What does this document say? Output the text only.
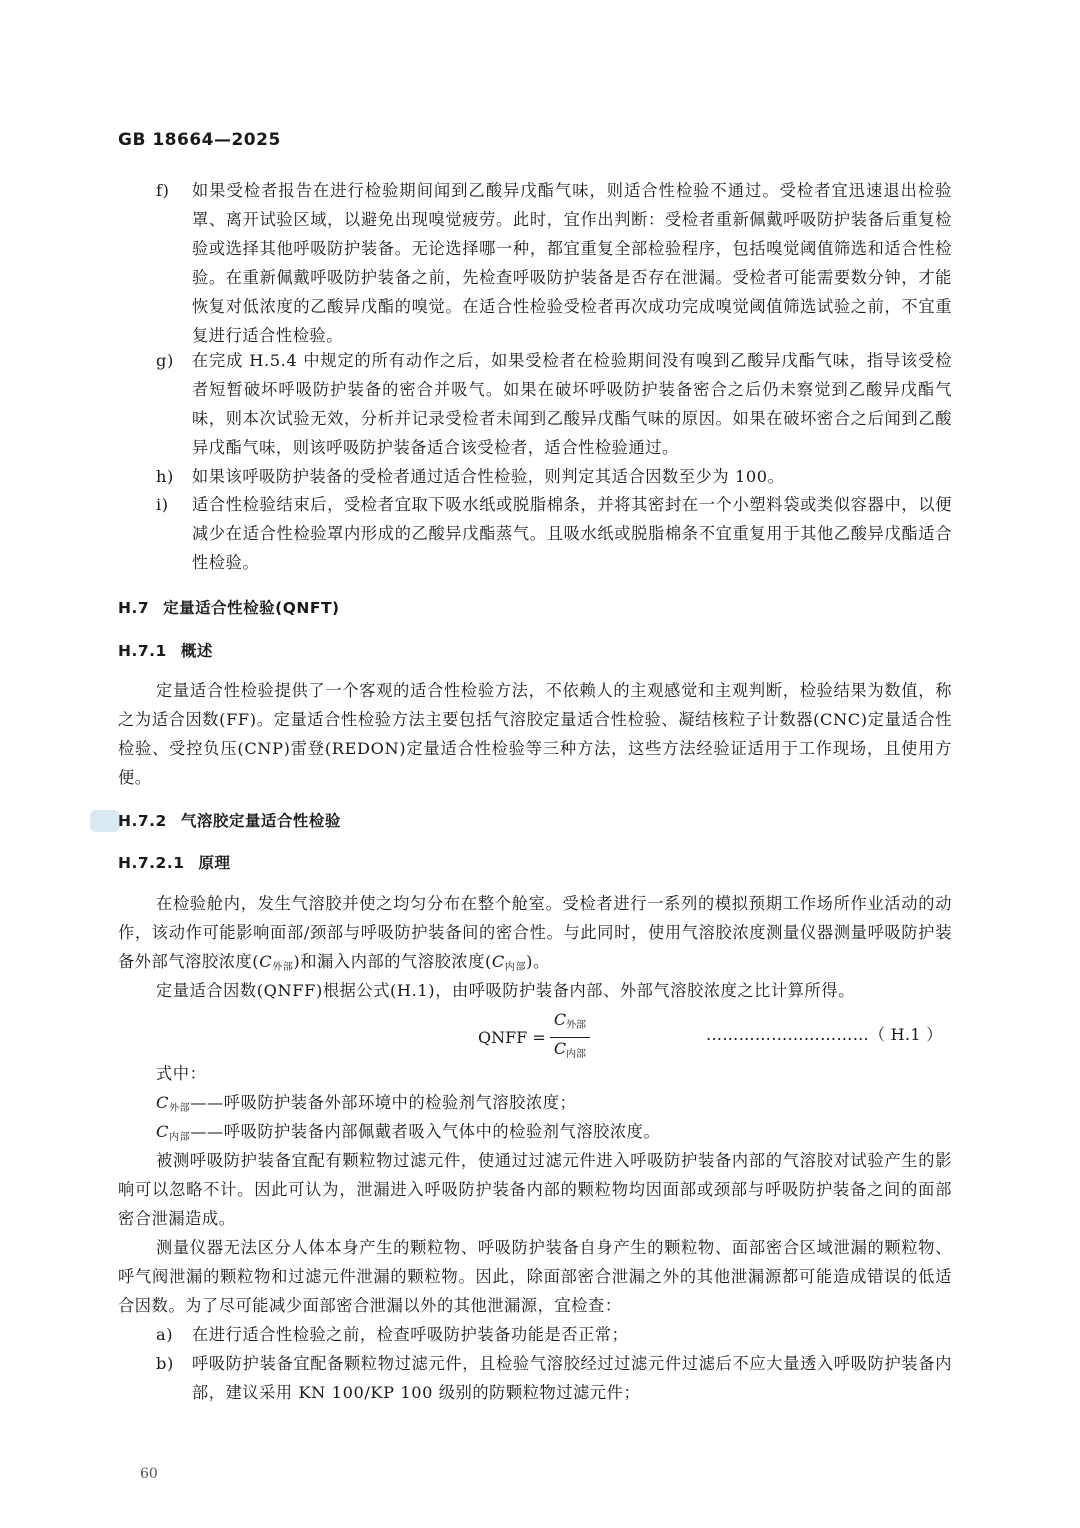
GB 18664—2025
f)	如果受检者报告在进行检验期间闻到乙酸异戊酯气味，则适合性检验不通过。受检者宜迅速退出检验罩、离开试验区域，以避免出现嗅觉疲劳。此时，宜作出判断：受检者重新佩戴呼吸防护装备后重复检验或选择其他呼吸防护装备。无论选择哪一种，都宜重复全部检验程序，包括嗅觉阈值筛选和适合性检验。在重新佩戴呼吸防护装备之前，先检查呼吸防护装备是否存在泄漏。受检者可能需要数分钟，才能恢复对低浓度的乙酸异戊酯的嗅觉。在适合性检验受检者再次成功完成嗅觉阈值筛选试验之前，不宜重复进行适合性检验。
g)	在完成 H.5.4 中规定的所有动作之后，如果受检者在检验期间没有嗅到乙酸异戊酯气味，指导该受检者短暂破坏呼吸防护装备的密合并吸气。如果在破坏呼吸防护装备密合之后仍未察觉到乙酸异戊酯气味，则本次试验无效，分析并记录受检者未闻到乙酸异戊酯气味的原因。如果在破坏密合之后闻到乙酸异戊酯气味，则该呼吸防护装备适合该受检者，适合性检验通过。
h)	如果该呼吸防护装备的受检者通过适合性检验，则判定其适合因数至少为 100。
i)	适合性检验结束后，受检者宜取下吸水纸或脱脂棉条，并将其密封在一个小塑料袋或类似容器中，以便减少在适合性检验罩内形成的乙酸异戊酯蒸气。且吸水纸或脱脂棉条不宜重复用于其他乙酸异戊酯适合性检验。
H.7 定量适合性检验(QNFT)
H.7.1 概述
定量适合性检验提供了一个客观的适合性检验方法，不依赖人的主观感觉和主观判断，检验结果为数值，称之为适合因数(FF)。定量适合性检验方法主要包括气溶胶定量适合性检验、凝结核粒子计数器(CNC)定量适合性检验、受控负压(CNP)雷登(REDON)定量适合性检验等三种方法，这些方法经验证适用于工作现场，且使用方便。
H.7.2 气溶胶定量适合性检验
H.7.2.1 原理
在检验舱内，发生气溶胶并使之均匀分布在整个舱室。受检者进行一系列的模拟预期工作场所作业活动的动作，该动作可能影响面部/颈部与呼吸防护装备间的密合性。与此同时，使用气溶胶浓度测量仪器测量呼吸防护装备外部气溶胶浓度$(C_{外部})$和漏入内部的气溶胶浓度$(C_{内部})$。
定量适合因数(QNFF)根据公式(H.1)，由呼吸防护装备内部、外部气溶胶浓度之比计算所得。
QNFF = $\frac{C_{外部}}{C_{内部}}$	…………………………（ H.1 ）
式中：
$C_{外部}——$呼吸防护装备外部环境中的检验剂气溶胶浓度；
$C_{内部}——$呼吸防护装备内部佩戴者吸入气体中的检验剂气溶胶浓度。
被测呼吸防护装备宜配有颗粒物过滤元件，使通过过滤元件进入呼吸防护装备内部的气溶胶对试验产生的影响可以忽略不计。因此可认为，泄漏进入呼吸防护装备内部的颗粒物均因面部或颈部与呼吸防护装备之间的面部密合泄漏造成。
测量仪器无法区分人体本身产生的颗粒物、呼吸防护装备自身产生的颗粒物、面部密合区域泄漏的颗粒物、呼气阀泄漏的颗粒物和过滤元件泄漏的颗粒物。因此，除面部密合泄漏之外的其他泄漏源都可能造成错误的低适合因数。为了尽可能减少面部密合泄漏以外的其他泄漏源，宜检查：
a)	在进行适合性检验之前，检查呼吸防护装备功能是否正常；
b)	呼吸防护装备宜配备颗粒物过滤元件，且检验气溶胶经过过滤元件过滤后不应大量透入呼吸防护装备内部，建议采用 KN 100/KP 100 级别的防颗粒物过滤元件；
60
